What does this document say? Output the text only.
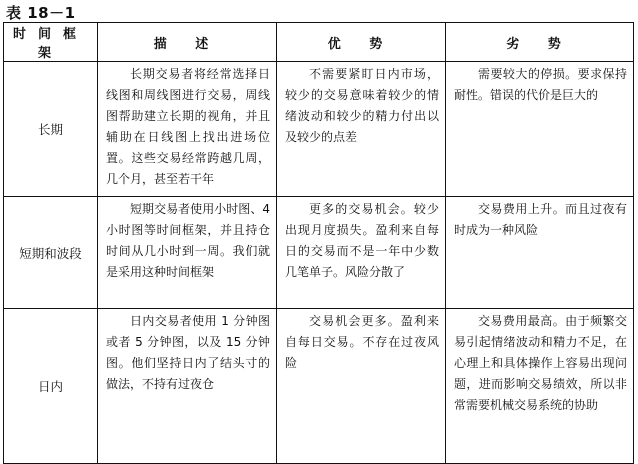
表 18－1
时间框架	描 述	优 势	劣 势
长期	长期交易者将经常选择日线图和周线图进行交易，周线图帮助建立长期的视角，并且辅助在日线图上找出进场位置。这些交易经常跨越几周，几个月，甚至若干年	不需要紧盯日内市场，较少的交易意味着较少的情绪波动和较少的精力付出以及较少的点差	需要较大的停损。要求保持耐性。错误的代价是巨大的
短期和波段	短期交易者使用小时图、4小时图等时间框架，并且持仓时间从几小时到一周。我们就是采用这种时间框架	更多的交易机会。较少出现月度损失。盈利来自每日的交易而不是一年中少数几笔单子。风险分散了	交易费用上升。而且过夜有时成为一种风险
日内	日内交易者使用 1 分钟图或者 5 分钟图，以及 15 分钟图。他们坚持日内了结头寸的做法，不持有过夜仓	交易机会更多。盈利来自每日交易。不存在过夜风险	交易费用最高。由于频繁交易引起情绪波动和精力不足，在心理上和具体操作上容易出现问题，进而影响交易绩效，所以非常需要机械交易系统的协助
